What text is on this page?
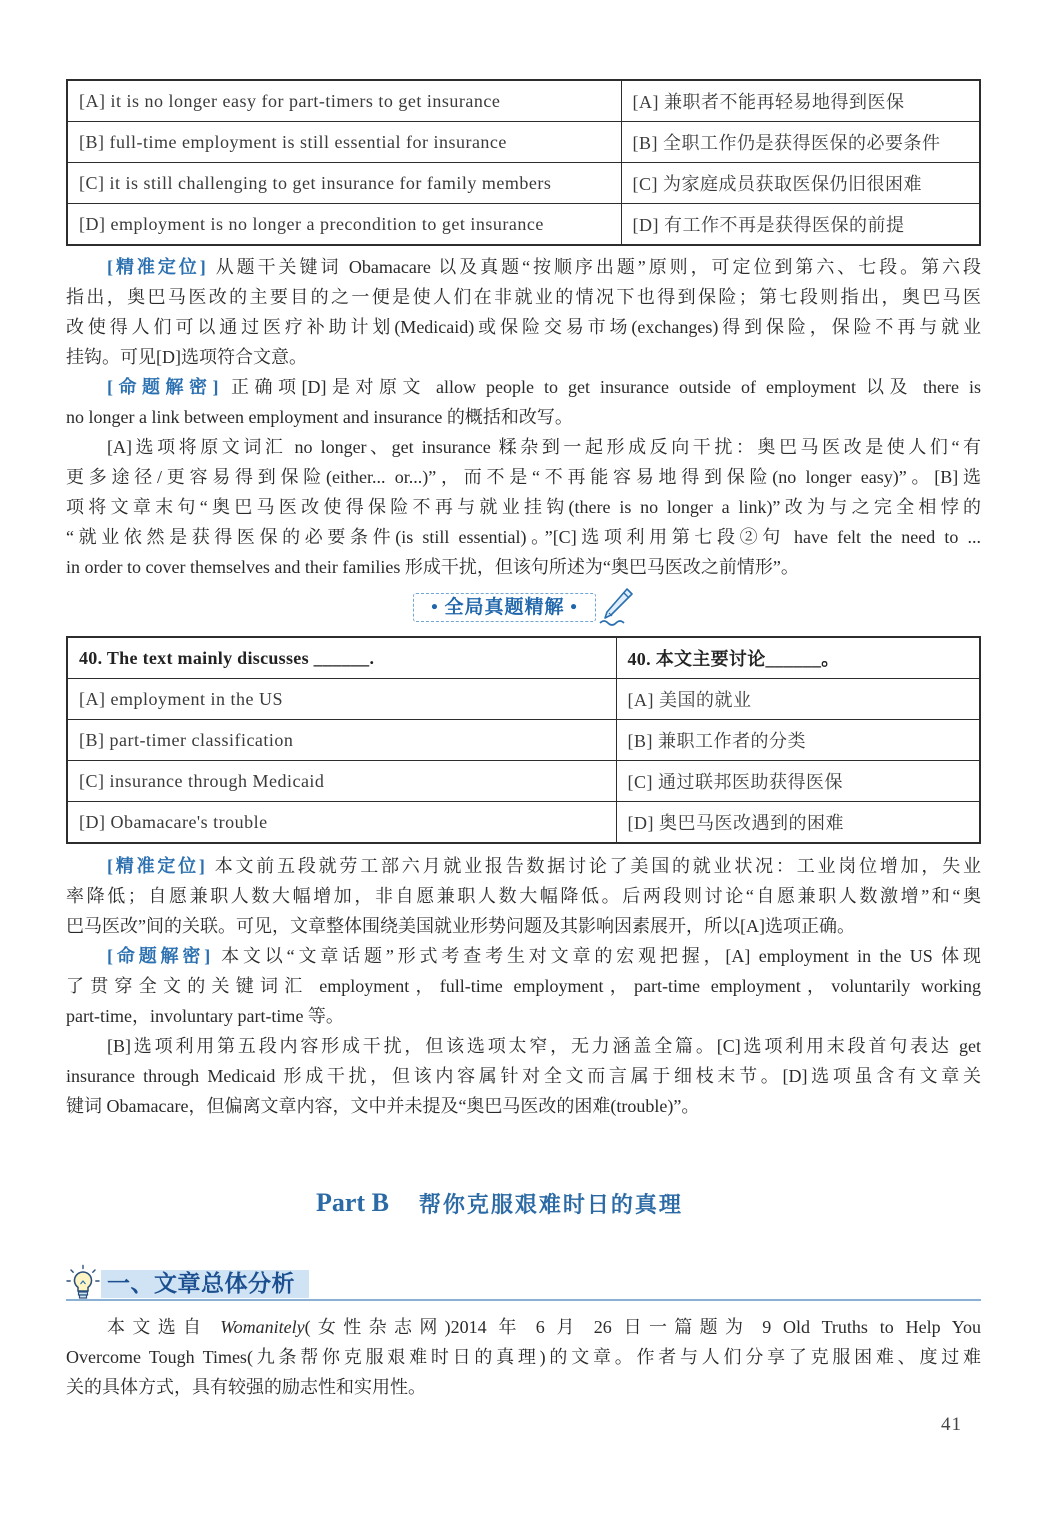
[A] it is no longer easy for part-timers to get insurance	[A] 兼职者不能再轻易地得到医保
[B] full-time employment is still essential for insurance	[B] 全职工作仍是获得医保的必要条件
[C] it is still challenging to get insurance for family members	[C] 为家庭成员获取医保仍旧很困难
[D] employment is no longer a precondition to get insurance	[D] 有工作不再是获得医保的前提
[精准定位] 从题干关键词 Obamacare 以及真题“按顺序出题”原则，可定位到第六、七段。第六段
指出，奥巴马医改的主要目的之一便是使人们在非就业的情况下也得到保险；第七段则指出，奥巴马医
改使得人们可以通过医疗补助计划(Medicaid)或保险交易市场(exchanges)得到保险，保险不再与就业
挂钩。可见[D]选项符合文意。
[命题解密] 正确项[D]是对原文 allow people to get insurance outside of employment 以及 there is
no longer a link between employment and insurance 的概括和改写。
[A]选项将原文词汇 no longer、get insurance 糅杂到一起形成反向干扰：奥巴马医改是使人们“有
更多途径/更容易得到保险(either... or...)”，而不是“不再能容易地得到保险(no longer easy)”。[B]选
项将文章末句“奥巴马医改使得保险不再与就业挂钩(there is no longer a link)”改为与之完全相悖的
“就业依然是获得医保的必要条件(is still essential)。”[C]选项利用第七段②句 have felt the need to ...
in order to cover themselves and their families 形成干扰，但该句所述为“奥巴马医改之前情形”。
• 全局真题精解 •
40. The text mainly discusses ______.	40. 本文主要讨论______。
[A] employment in the US	[A] 美国的就业
[B] part-timer classification	[B] 兼职工作者的分类
[C] insurance through Medicaid	[C] 通过联邦医助获得医保
[D] Obamacare's trouble	[D] 奥巴马医改遇到的困难
[精准定位] 本文前五段就劳工部六月就业报告数据讨论了美国的就业状况：工业岗位增加，失业
率降低；自愿兼职人数大幅增加，非自愿兼职人数大幅降低。后两段则讨论“自愿兼职人数激增”和“奥
巴马医改”间的关联。可见，文章整体围绕美国就业形势问题及其影响因素展开，所以[A]选项正确。
[命题解密] 本文以“文章话题”形式考查考生对文章的宏观把握，[A] employment in the US 体现
了贯穿全文的关键词汇 employment，full-time employment，part-time employment，voluntarily working
part-time，involuntary part-time 等。
[B]选项利用第五段内容形成干扰，但该选项太窄，无力涵盖全篇。[C]选项利用末段首句表达 get
insurance through Medicaid 形成干扰，但该内容属针对全文而言属于细枝末节。[D]选项虽含有文章关
键词 Obamacare，但偏离文章内容，文中并未提及“奥巴马医改的困难(trouble)”。
Part B 帮你克服艰难时日的真理
一、文章总体分析
本文选自 Womanitely(女性杂志网)2014 年 6 月 26 日一篇题为 9 Old Truths to Help You
Overcome Tough Times(九条帮你克服艰难时日的真理)的文章。作者与人们分享了克服困难、度过难
关的具体方式，具有较强的励志性和实用性。
41
